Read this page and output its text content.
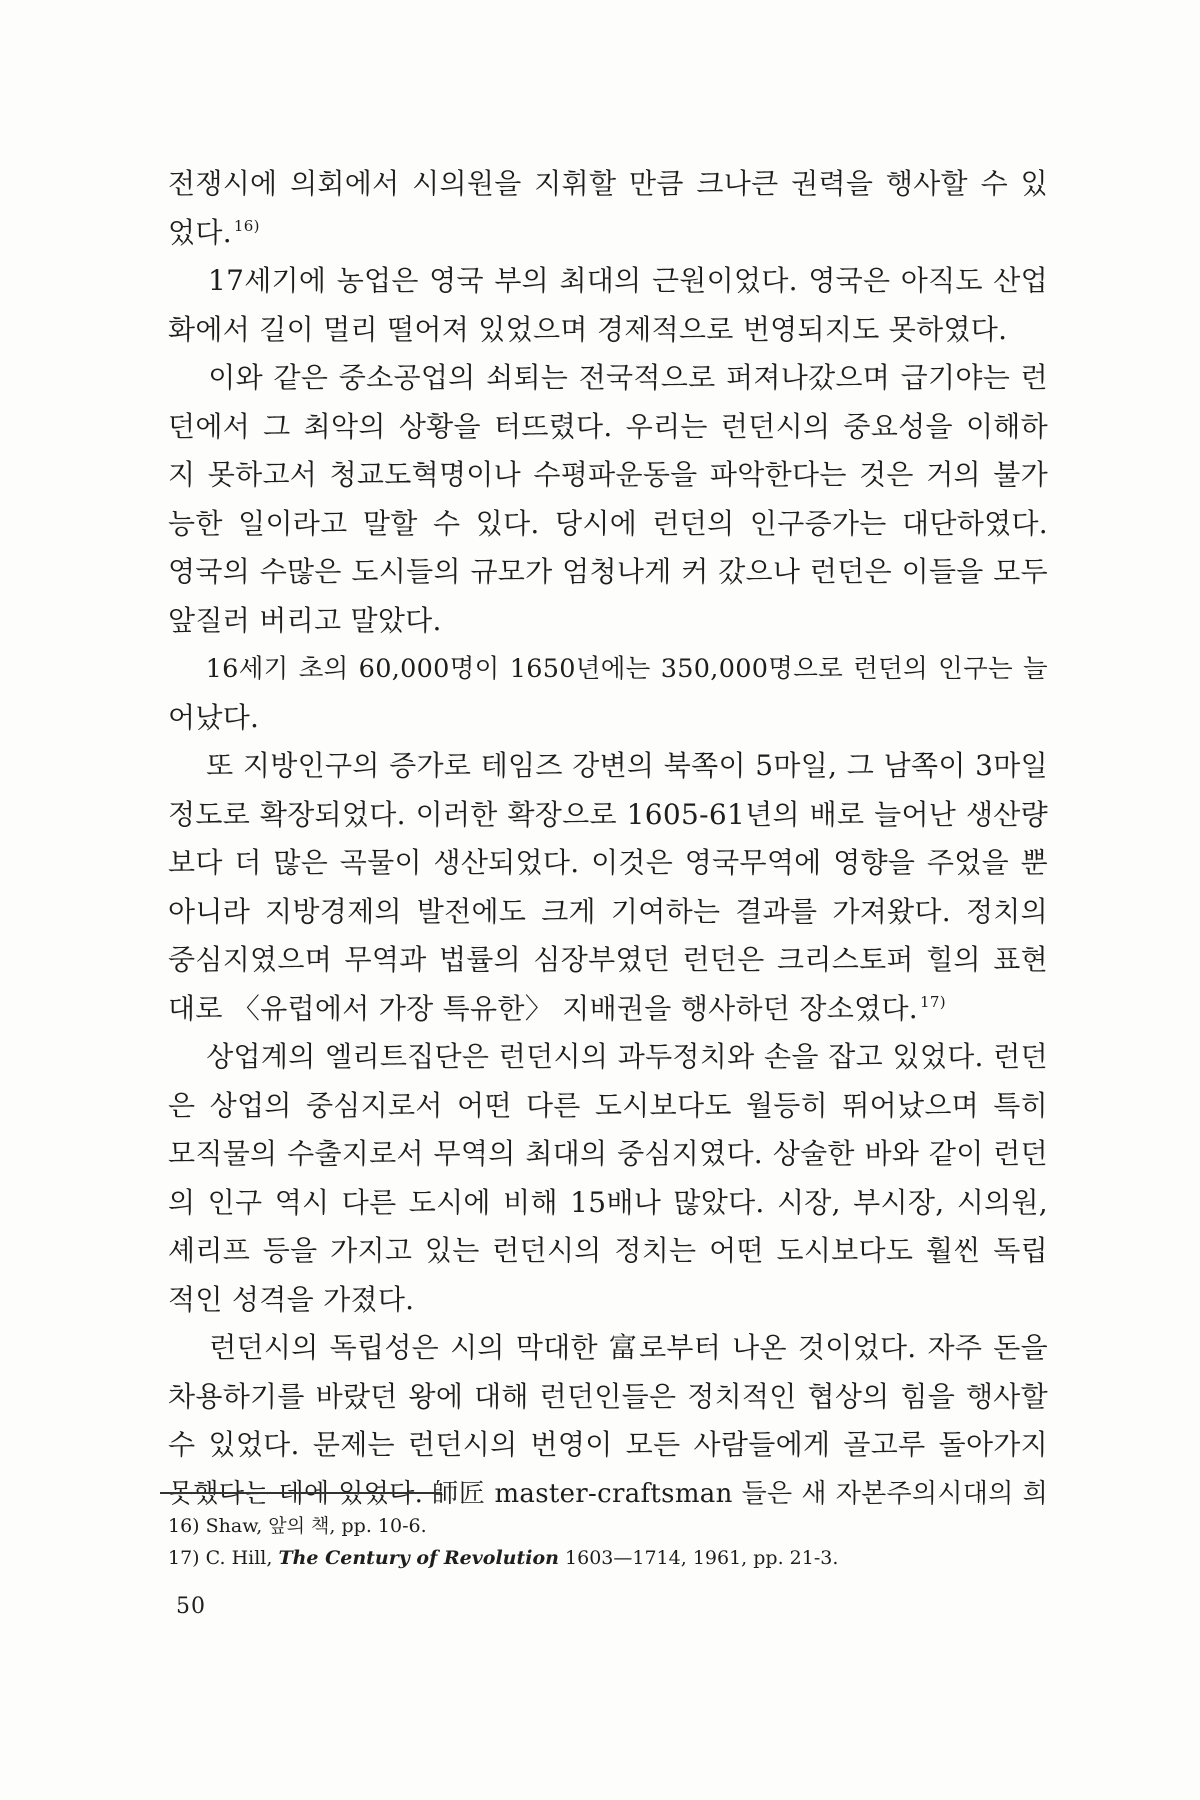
전쟁시에 의회에서 시의원을 지휘할 만큼 크나큰 권력을 행사할 수 있
었다. $^{16)}$
　 17세기에 농업은 영국 부의 최대의 근원이었다. 영국은 아직도 산업
화에서 길이 멀리 떨어져 있었으며 경제적으로 번영되지도 못하였다.
　 이와 같은 중소공업의 쇠퇴는 전국적으로 퍼져나갔으며 급기야는 런
던에서 그 최악의 상황을 터뜨렸다. 우리는 런던시의 중요성을 이해하
지 못하고서 청교도혁명이나 수평파운동을 파악한다는 것은 거의 불가
능한 일이라고 말할 수 있다. 당시에 런던의 인구증가는 대단하였다.
영국의 수많은 도시들의 규모가 엄청나게 커 갔으나 런던은 이들을 모두
앞질러 버리고 말았다.
　 16세기 초의 60,000명이 1650년에는 350,000명으로 런던의 인구는 늘
어났다.
　 또 지방인구의 증가로 테임즈 강변의 북쪽이 5마일, 그 남쪽이 3마일
정도로 확장되었다. 이러한 확장으로 1605-61년의 배로 늘어난 생산량
보다 더 많은 곡물이 생산되었다. 이것은 영국무역에 영향을 주었을 뿐
아니라 지방경제의 발전에도 크게 기여하는 결과를 가져왔다. 정치의
중심지였으며 무역과 법률의 심장부였던 런던은 크리스토퍼 힐의 표현
대로 〈유럽에서 가장 특유한〉 지배권을 행사하던 장소였다. $^{17)}$
　 상업계의 엘리트집단은 런던시의 과두정치와 손을 잡고 있었다. 런던
은 상업의 중심지로서 어떤 다른 도시보다도 월등히 뛰어났으며 특히
모직물의 수출지로서 무역의 최대의 중심지였다. 상술한 바와 같이 런던
의 인구 역시 다른 도시에 비해 15배나 많았다. 시장, 부시장, 시의원,
셰리프 등을 가지고 있는 런던시의 정치는 어떤 도시보다도 훨씬 독립
적인 성격을 가졌다.
　 런던시의 독립성은 시의 막대한 富로부터 나온 것이었다. 자주 돈을
차용하기를 바랐던 왕에 대해 런던인들은 정치적인 협상의 힘을 행사할
수 있었다. 문제는 런던시의 번영이 모든 사람들에게 골고루 돌아가지
못했다는 데에 있었다. 師匠 master-craftsman 들은 새 자본주의시대의 희
16) Shaw, 앞의 책, pp. 10-6.
17) C. Hill, The Century of Revolution 1603—1714, 1961, pp. 21-3.
50
